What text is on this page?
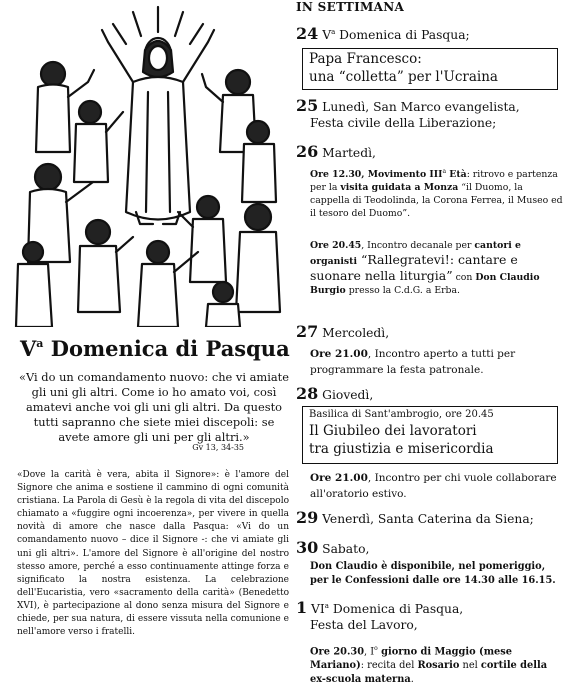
$V^a$ Domenica di Pasqua
«Vi do un comandamento nuovo: che vi amiate gli uni gli altri. Come io ho amato voi, così amatevi anche voi gli uni gli altri. Da questo tutti sapranno che siete miei discepoli: se avete amore gli uni per gli altri.»
Gv 13, 34-35
«Dove la carità è vera, abita il Signore»: è l'amore del Signore che anima e sostiene il cammino di ogni comunità cristiana. La Parola di Gesù è la regola di vita del discepolo chiamato a «fuggire ogni incoerenza», per vivere in quella novità di amore che nasce dalla Pasqua: «Vi do un comandamento nuovo – dice il Signore -: che vi amiate gli uni gli altri». L'amore del Signore è all'origine del nostro stesso amore, perché a esso continuamente attinge forza e significato la nostra esistenza. La celebrazione dell'Eucaristia, vero «sacramento della carità» (Benedetto XVI), è partecipazione al dono senza misura del Signore e chiede, per sua natura, di essere vissuta nella comunione e nell'amore verso i fratelli.
IN SETTIMANA
24 $V^a$ Domenica di Pasqua;
Papa Francesco:
una “colletta” per l'Ucraina
25 Lunedì, San Marco evangelista,
Festa civile della Liberazione;
26 Martedì,
Ore 12.30, Movimento III$^a$ Età: ritrovo e partenza per la visita guidata a Monza “il Duomo, la cappella di Teodolinda, la Corona Ferrea, il Museo ed il tesoro del Duomo”.
Ore 20.45, Incontro decanale per cantori e organisti “Rallegratevi!: cantare e suonare nella liturgia” con Don Claudio Burgio presso la C.d.G. a Erba.
27 Mercoledì,
Ore 21.00, Incontro aperto a tutti per programmare la festa patronale.
28 Giovedì,
Basilica di Sant'ambrogio, ore 20.45
Il Giubileo dei lavoratori
tra giustizia e misericordia
Ore 21.00, Incontro per chi vuole collaborare all'oratorio estivo.
29 Venerdì, Santa Caterina da Siena;
30 Sabato,
Don Claudio è disponibile, nel pomeriggio, per le Confessioni dalle ore 14.30 alle 16.15.
1 $VI^a$ Domenica di Pasqua,
Festa del Lavoro,
Ore 20.30, $I^o$ giorno di Maggio (mese Mariano): recita del Rosario nel cortile della ex-scuola materna.
